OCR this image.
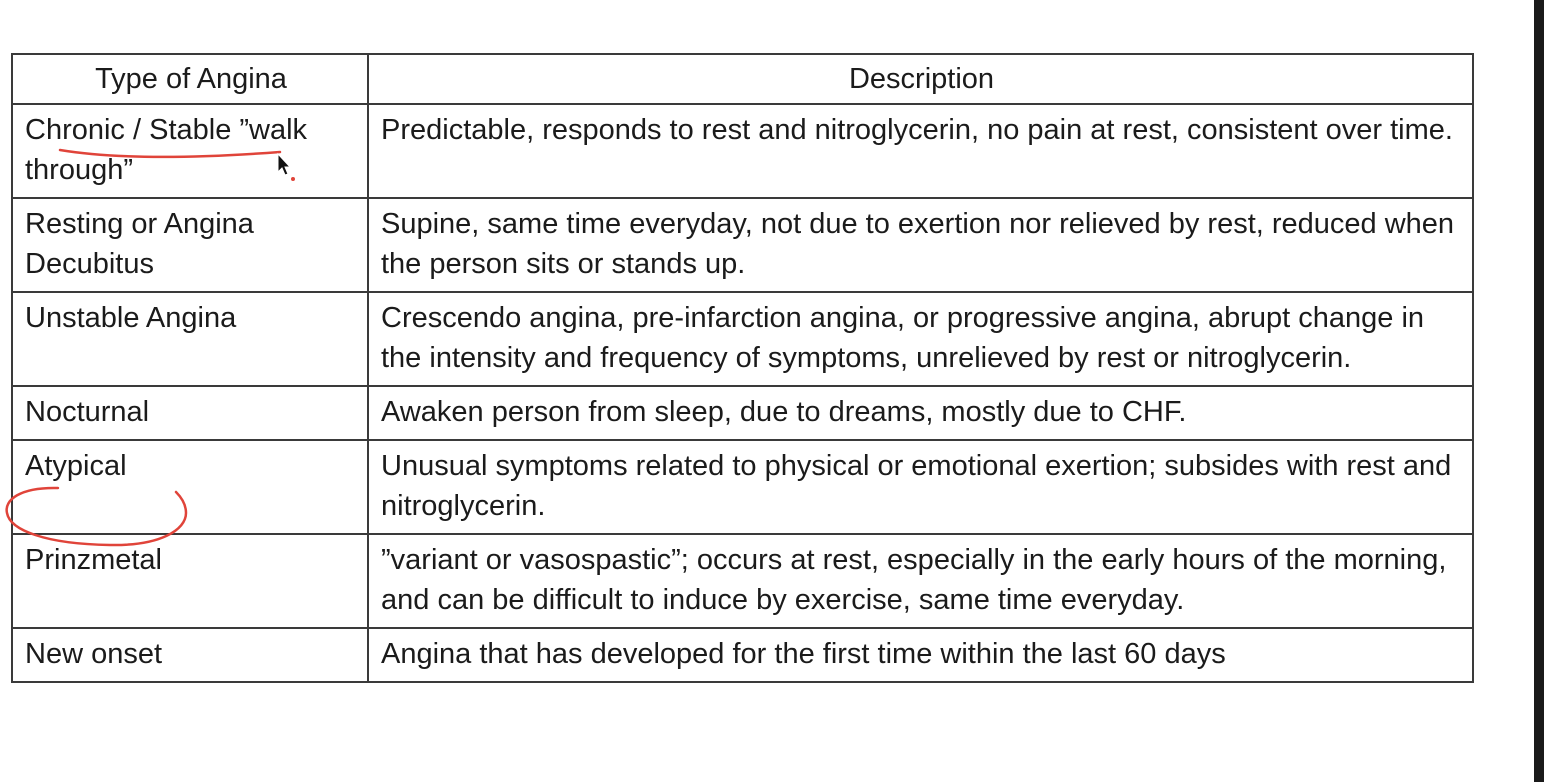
Type of Angina	Description
Chronic / Stable ”walk through”	Predictable, responds to rest and nitroglycerin, no pain at rest, consistent over time.
Resting or Angina Decubitus	Supine, same time everyday, not due to exertion nor relieved by rest, reduced when the person sits or stands up.
Unstable Angina	Crescendo angina, pre-infarction angina, or progressive angina, abrupt change in the intensity and frequency of symptoms, unrelieved by rest or nitroglycerin.
Nocturnal	Awaken person from sleep, due to dreams, mostly due to CHF.
Atypical	Unusual symptoms related to physical or emotional exertion; subsides with rest and nitroglycerin.
Prinzmetal	”variant or vasospastic”; occurs at rest, especially in the early hours of the morning, and can be difficult to induce by exercise, same time everyday.
New onset	Angina that has developed for the first time within the last 60 days
